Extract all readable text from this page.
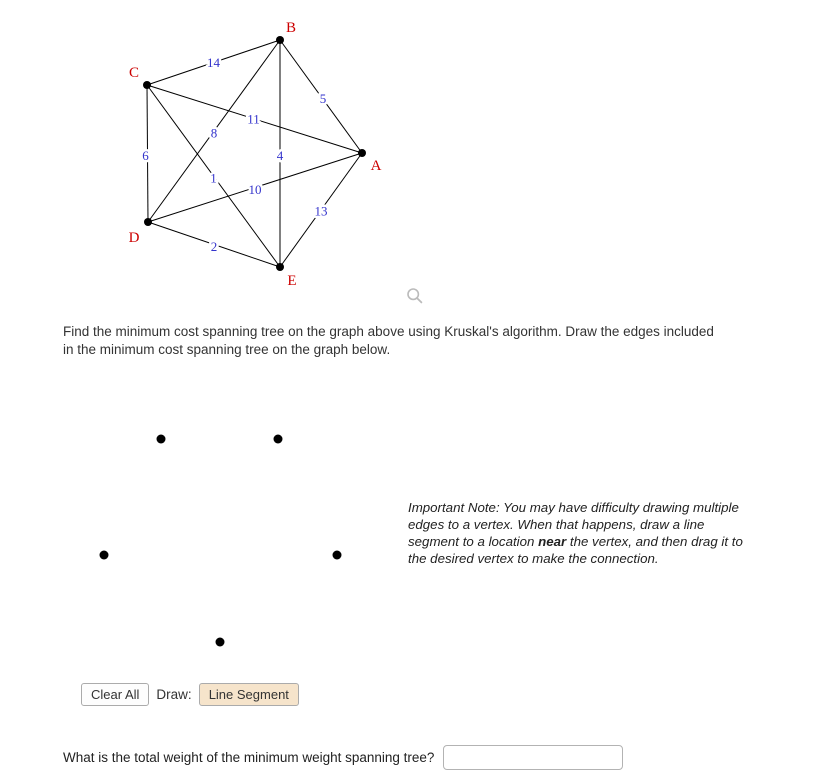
14
5
11
8
4
6
1
10
13
2
B
C
A
D
E
Find the minimum cost spanning tree on the graph above using Kruskal's algorithm. Draw the edges included in the minimum cost spanning tree on the graph below.
Important Note: You may have difficulty drawing multiple edges to a vertex. When that happens, draw a line segment to a location near the vertex, and then drag it to the desired vertex to make the connection.
Clear All	Draw:	Line Segment
What is the total weight of the minimum weight spanning tree?
